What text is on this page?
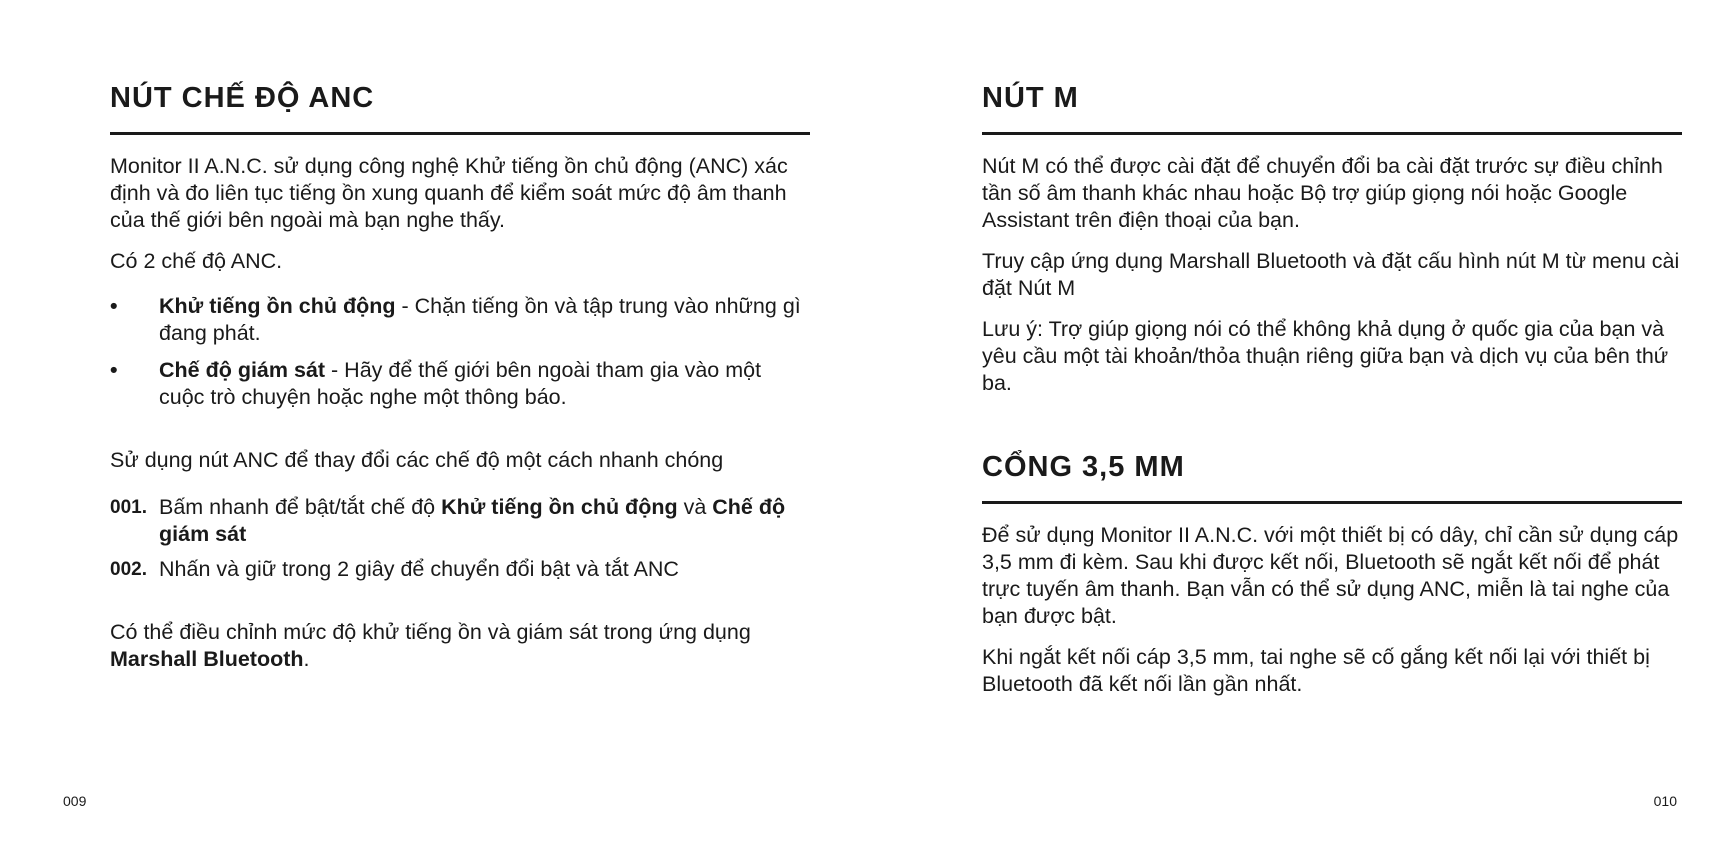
NÚT CHẾ ĐỘ ANC

Monitor II A.N.C. sử dụng công nghệ Khử tiếng ồn chủ động (ANC) xác định và đo liên tục tiếng ồn xung quanh để kiểm soát mức độ âm thanh của thế giới bên ngoài mà bạn nghe thấy.

Có 2 chế độ ANC.

• Khử tiếng ồn chủ động - Chặn tiếng ồn và tập trung vào những gì đang phát.
• Chế độ giám sát - Hãy để thế giới bên ngoài tham gia vào một cuộc trò chuyện hoặc nghe một thông báo.

Sử dụng nút ANC để thay đổi các chế độ một cách nhanh chóng

001. Bấm nhanh để bật/tắt chế độ Khử tiếng ồn chủ động và Chế độ giám sát
002. Nhấn và giữ trong 2 giây để chuyển đổi bật và tắt ANC

Có thể điều chỉnh mức độ khử tiếng ồn và giám sát trong ứng dụng Marshall Bluetooth.

NÚT M

Nút M có thể được cài đặt để chuyển đổi ba cài đặt trước sự điều chỉnh tần số âm thanh khác nhau hoặc Bộ trợ giúp giọng nói hoặc Google Assistant trên điện thoại của bạn.

Truy cập ứng dụng Marshall Bluetooth và đặt cấu hình nút M từ menu cài đặt Nút M

Lưu ý: Trợ giúp giọng nói có thể không khả dụng ở quốc gia của bạn và yêu cầu một tài khoản/thỏa thuận riêng giữa bạn và dịch vụ của bên thứ ba.

CỔNG 3,5 MM

Để sử dụng Monitor II A.N.C. với một thiết bị có dây, chỉ cần sử dụng cáp 3,5 mm đi kèm. Sau khi được kết nối, Bluetooth sẽ ngắt kết nối để phát trực tuyến âm thanh. Bạn vẫn có thể sử dụng ANC, miễn là tai nghe của bạn được bật.

Khi ngắt kết nối cáp 3,5 mm, tai nghe sẽ cố gắng kết nối lại với thiết bị Bluetooth đã kết nối lần gần nhất.

009	010
